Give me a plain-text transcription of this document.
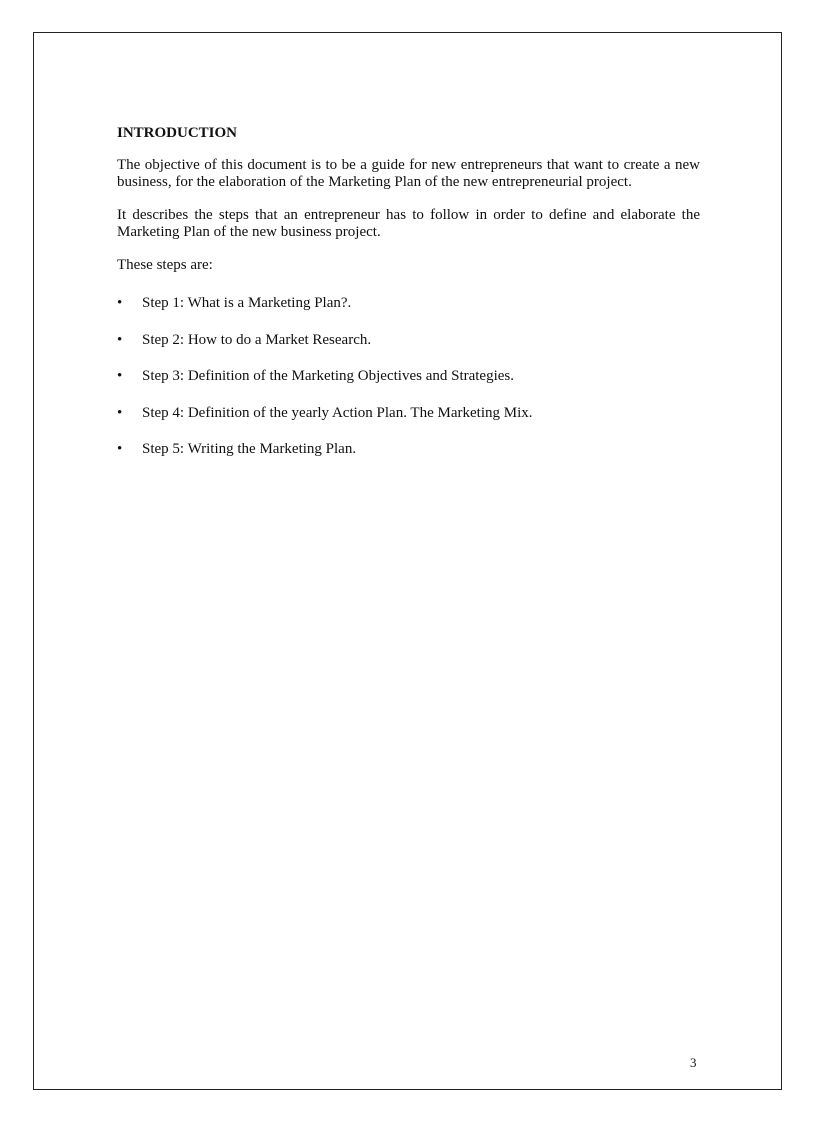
INTRODUCTION

The objective of this document is to be a guide for new entrepreneurs that want to create a new business, for the elaboration of the Marketing Plan of the new entrepreneurial project.

It describes the steps that an entrepreneur has to follow in order to define and elaborate the Marketing Plan of the new business project.

These steps are:

•	Step 1: What is a Marketing Plan?.
•	Step 2: How to do a Market Research.
•	Step 3: Definition of the Marketing Objectives and Strategies.
•	Step 4: Definition of the yearly Action Plan. The Marketing Mix.
•	Step 5: Writing the Marketing Plan.
3
